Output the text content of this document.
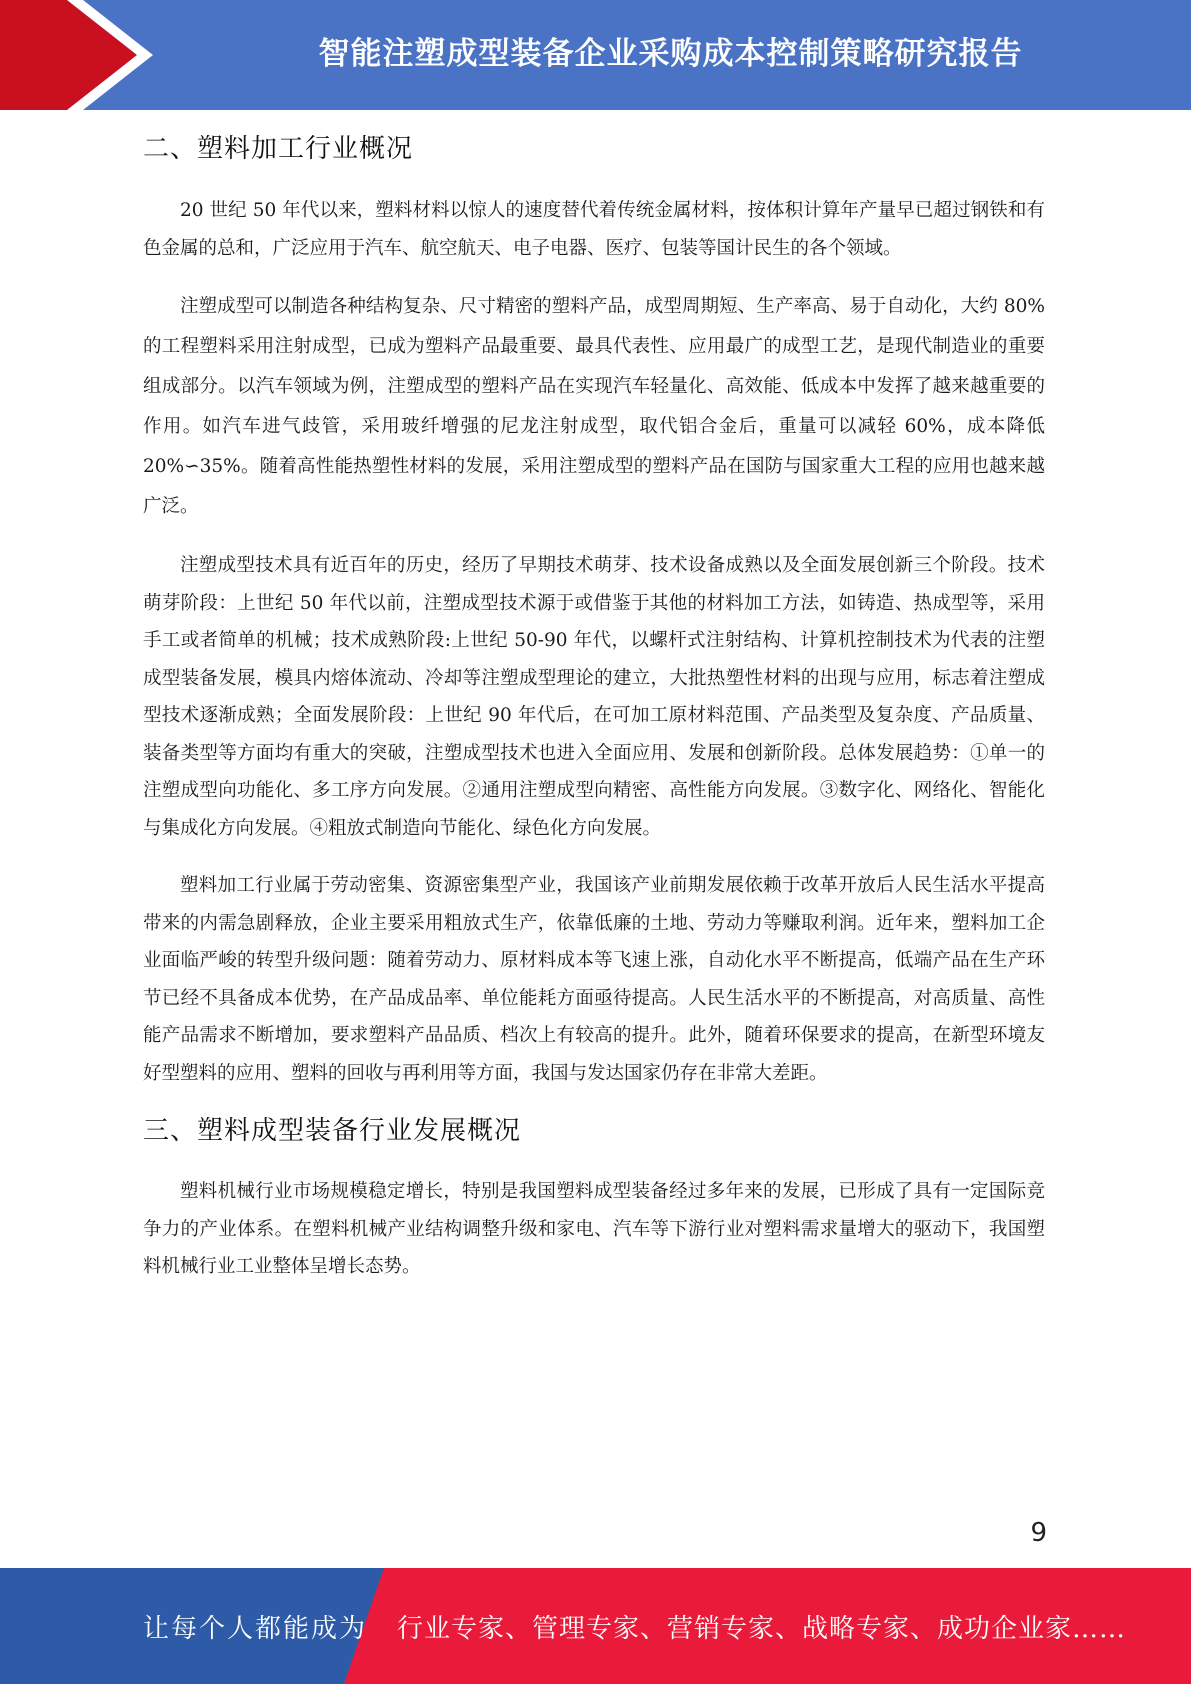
智能注塑成型装备企业采购成本控制策略研究报告
二、塑料加工行业概况

20 世纪 50 年代以来，塑料材料以惊人的速度替代着传统金属材料，按体积计算年产量早已超过钢铁和有色金属的总和，广泛应用于汽车、航空航天、电子电器、医疗、包装等国计民生的各个领域。

注塑成型可以制造各种结构复杂、尺寸精密的塑料产品，成型周期短、生产率高、易于自动化，大约 80%的工程塑料采用注射成型，已成为塑料产品最重要、最具代表性、应用最广的成型工艺，是现代制造业的重要组成部分。以汽车领域为例，注塑成型的塑料产品在实现汽车轻量化、高效能、低成本中发挥了越来越重要的作用。如汽车进气歧管，采用玻纤增强的尼龙注射成型，取代铝合金后，重量可以减轻 60%，成本降低 20%∽35%。随着高性能热塑性材料的发展，采用注塑成型的塑料产品在国防与国家重大工程的应用也越来越广泛。

注塑成型技术具有近百年的历史，经历了早期技术萌芽、技术设备成熟以及全面发展创新三个阶段。技术萌芽阶段：上世纪 50 年代以前，注塑成型技术源于或借鉴于其他的材料加工方法，如铸造、热成型等，采用手工或者简单的机械；技术成熟阶段:上世纪 50-90 年代，以螺杆式注射结构、计算机控制技术为代表的注塑成型装备发展，模具内熔体流动、冷却等注塑成型理论的建立，大批热塑性材料的出现与应用，标志着注塑成型技术逐渐成熟；全面发展阶段：上世纪 90 年代后，在可加工原材料范围、产品类型及复杂度、产品质量、装备类型等方面均有重大的突破，注塑成型技术也进入全面应用、发展和创新阶段。总体发展趋势：①单一的注塑成型向功能化、多工序方向发展。②通用注塑成型向精密、高性能方向发展。③数字化、网络化、智能化与集成化方向发展。④粗放式制造向节能化、绿色化方向发展。

塑料加工行业属于劳动密集、资源密集型产业，我国该产业前期发展依赖于改革开放后人民生活水平提高带来的内需急剧释放，企业主要采用粗放式生产，依靠低廉的土地、劳动力等赚取利润。近年来，塑料加工企业面临严峻的转型升级问题：随着劳动力、原材料成本等飞速上涨，自动化水平不断提高，低端产品在生产环节已经不具备成本优势，在产品成品率、单位能耗方面亟待提高。人民生活水平的不断提高，对高质量、高性能产品需求不断增加，要求塑料产品品质、档次上有较高的提升。此外，随着环保要求的提高，在新型环境友好型塑料的应用、塑料的回收与再利用等方面，我国与发达国家仍存在非常大差距。

三、塑料成型装备行业发展概况

塑料机械行业市场规模稳定增长，特别是我国塑料成型装备经过多年来的发展，已形成了具有一定国际竞争力的产业体系。在塑料机械产业结构调整升级和家电、汽车等下游行业对塑料需求量增大的驱动下，我国塑料机械行业工业整体呈增长态势。

9
让每个人都能成为 行业专家、管理专家、营销专家、战略专家、成功企业家……
